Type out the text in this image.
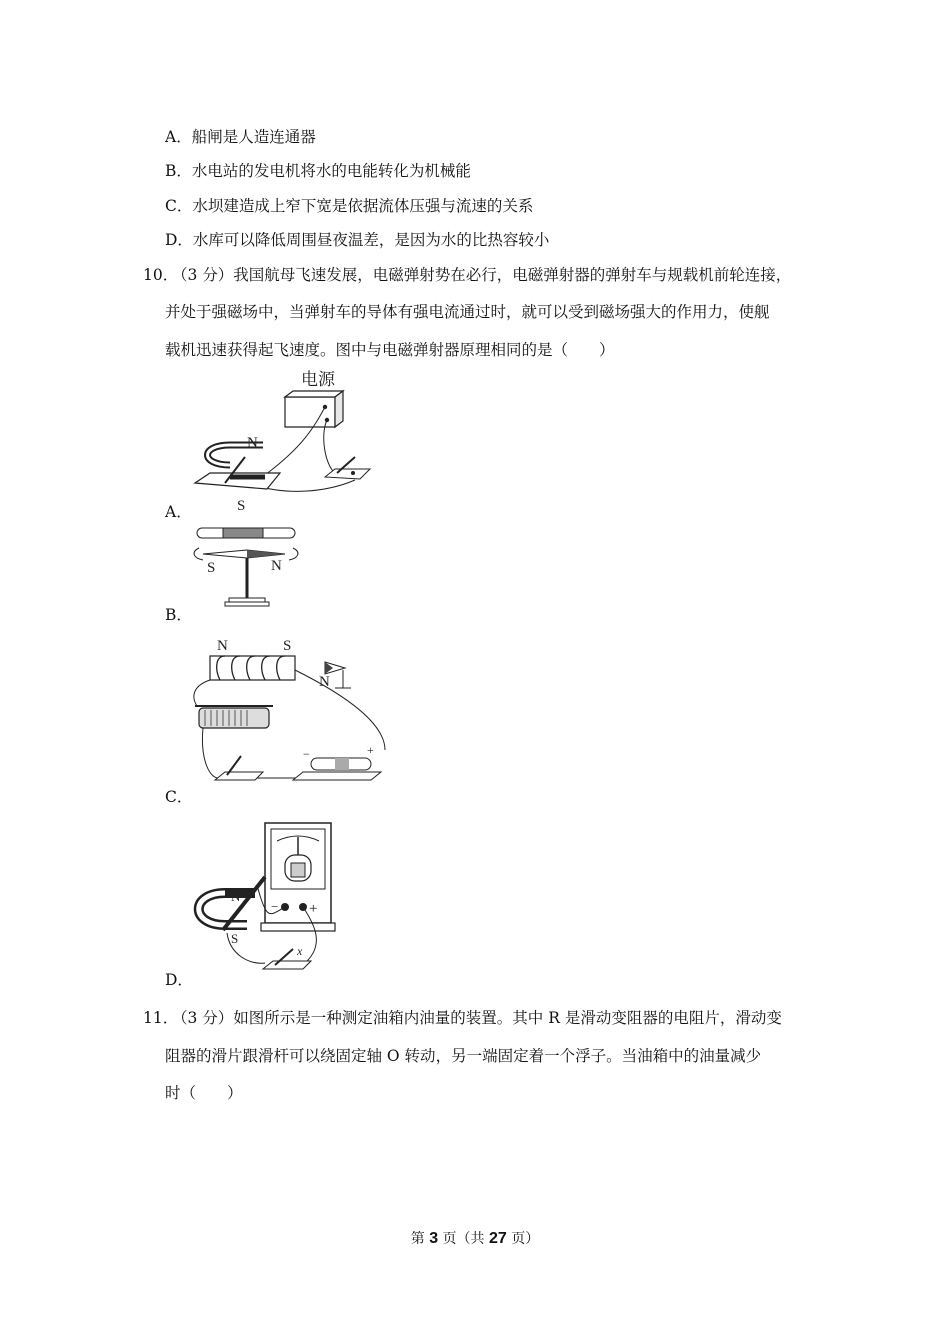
A．船闸是人造连通器
B．水电站的发电机将水的电能转化为机械能
C．水坝建造成上窄下宽是依据流体压强与流速的关系
D．水库可以降低周围昼夜温差，是因为水的比热容较小
10．
（3 分）我国航母飞速发展，电磁弹射势在必行，电磁弹射器的弹射车与规载机前轮连接，
并处于强磁场中，当弹射车的导体有强电流通过时，就可以受到磁场强大的作用力，使舰
载机迅速获得起飞速度。图中与电磁弹射器原理相同的是（　　）
电源
N
S
A．
S	N
B．
N	S
N
−	+
C．
− +
N
S
x
D．
11．
（3 分）如图所示是一种测定油箱内油量的装置。其中 R 是滑动变阻器的电阻片，滑动变
阻器的滑片跟滑杆可以绕固定轴 O 转动，另一端固定着一个浮子。当油箱中的油量减少
时（　　）
第 3 页（共 27 页）
